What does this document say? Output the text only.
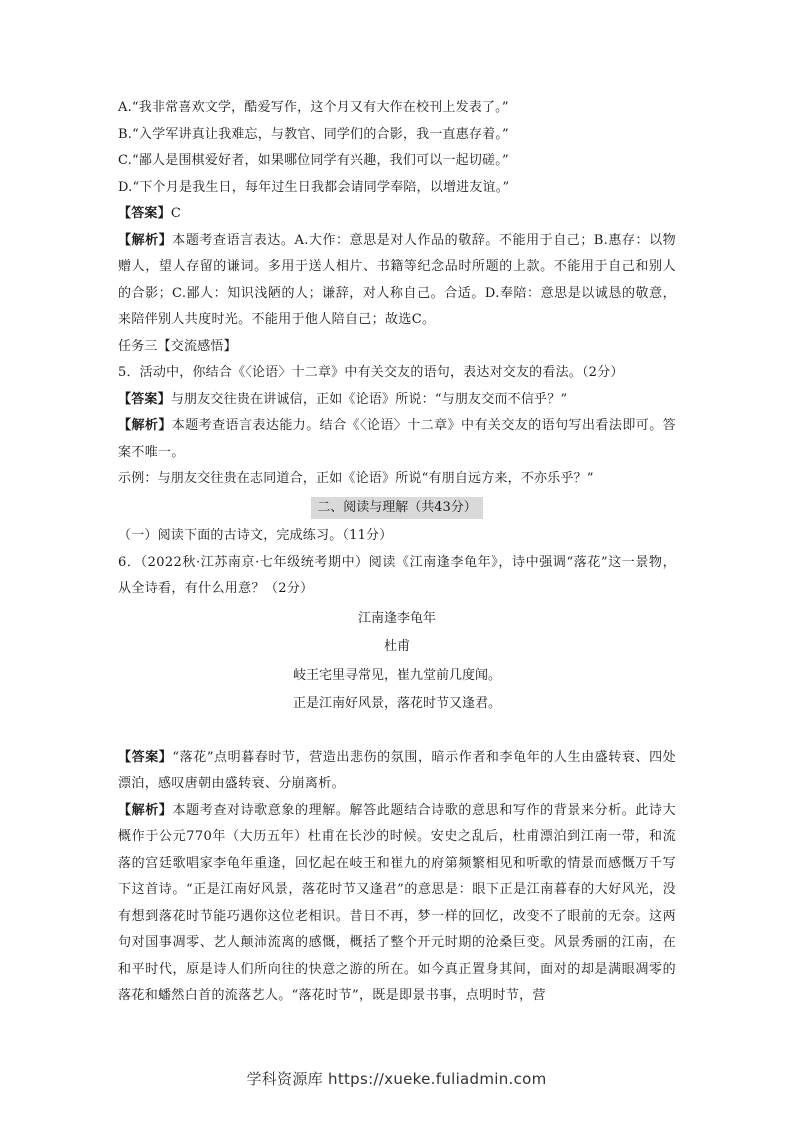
A.“我非常喜欢文学，酷爱写作，这个月又有大作在校刊上发表了。”
B.“入学军讲真让我难忘，与教官、同学们的合影，我一直惠存着。”
C.“鄙人是围棋爱好者，如果哪位同学有兴趣，我们可以一起切磋。”
D.“下个月是我生日，每年过生日我都会请同学奉陪，以增进友谊。”
【答案】C
【解析】本题考查语言表达。A.大作：意思是对人作品的敬辞。不能用于自己；B.惠存：以物赠人，望人存留的谦词。多用于送人相片、书籍等纪念品时所题的上款。不能用于自己和别人的合影；C.鄙人：知识浅陋的人；谦辞，对人称自己。合适。D.奉陪：意思是以诚恳的敬意，来陪伴别人共度时光。不能用于他人陪自己；故选C。
任务三【交流感悟】
5．活动中，你结合《〈论语〉十二章》中有关交友的语句，表达对交友的看法。（2分）
【答案】与朋友交往贵在讲诚信，正如《论语》所说：“与朋友交而不信乎？”
【解析】本题考查语言表达能力。结合《〈论语〉十二章》中有关交友的语句写出看法即可。答案不唯一。
示例：与朋友交往贵在志同道合，正如《论语》所说“有朋自远方来，不亦乐乎？”
二、阅读与理解（共43分）
（一）阅读下面的古诗文，完成练习。（11分）
6．（2022秋·江苏南京·七年级统考期中）阅读《江南逢李龟年》，诗中强调“落花”这一景物，从全诗看，有什么用意？（2分）
江南逢李龟年
杜甫
岐王宅里寻常见，崔九堂前几度闻。
正是江南好风景，落花时节又逢君。
【答案】“落花”点明暮春时节，营造出悲伤的氛围，暗示作者和李龟年的人生由盛转衰、四处漂泊，感叹唐朝由盛转衰、分崩离析。
【解析】本题考查对诗歌意象的理解。解答此题结合诗歌的意思和写作的背景来分析。此诗大概作于公元770年（大历五年）杜甫在长沙的时候。安史之乱后，杜甫漂泊到江南一带，和流落的宫廷歌唱家李龟年重逢，回忆起在岐王和崔九的府第频繁相见和听歌的情景而感慨万千写下这首诗。“正是江南好风景，落花时节又逢君”的意思是：眼下正是江南暮春的大好风光，没有想到落花时节能巧遇你这位老相识。昔日不再，梦一样的回忆，改变不了眼前的无奈。这两句对国事凋零、艺人颠沛流离的感慨，概括了整个开元时期的沧桑巨变。风景秀丽的江南，在和平时代，原是诗人们所向往的快意之游的所在。如今真正置身其间，面对的却是满眼凋零的落花和蟠然白首的流落艺人。“落花时节”，既是即景书事，点明时节，营
学科资源库 https://xueke.fuliadmin.com
